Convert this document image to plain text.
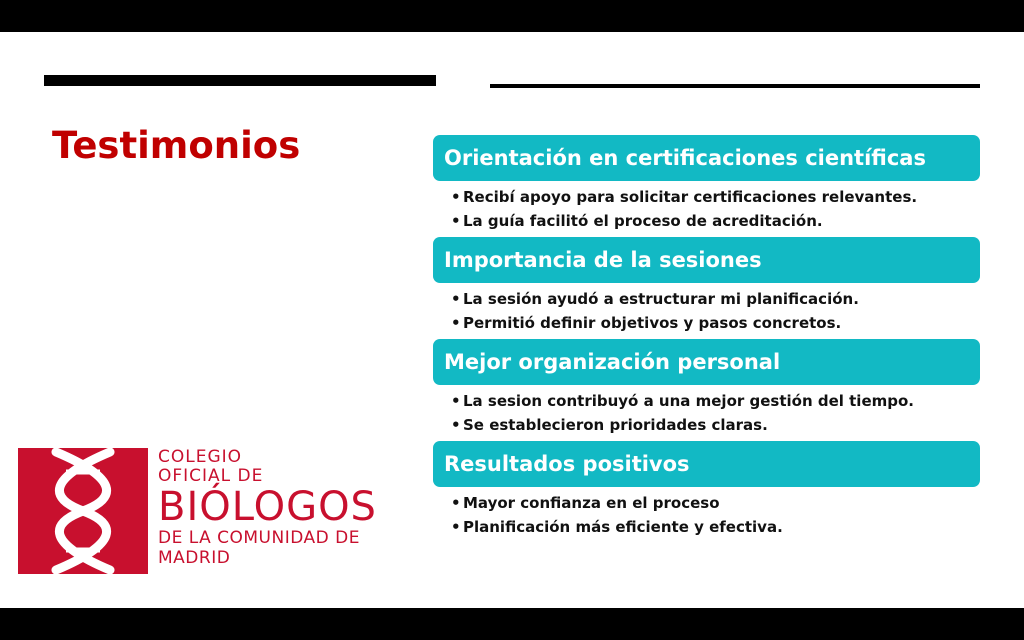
Testimonios	Orientación en certificaciones científicas
• Recibí apoyo para solicitar certificaciones relevantes.
• La guía facilitó el proceso de acreditación.
Importancia de la sesiones
• La sesión ayudó a estructurar mi planificación.
• Permitió definir objetivos y pasos concretos.
Mejor organización personal
• La sesion contribuyó a una mejor gestión del tiempo.
• Se establecieron prioridades claras.
Resultados positivos
• Mayor confianza en el proceso
• Planificación más eficiente y efectiva.
COLEGIO
OFICIAL DE
BIÓLOGOS
DE LA COMUNIDAD DE
MADRID
